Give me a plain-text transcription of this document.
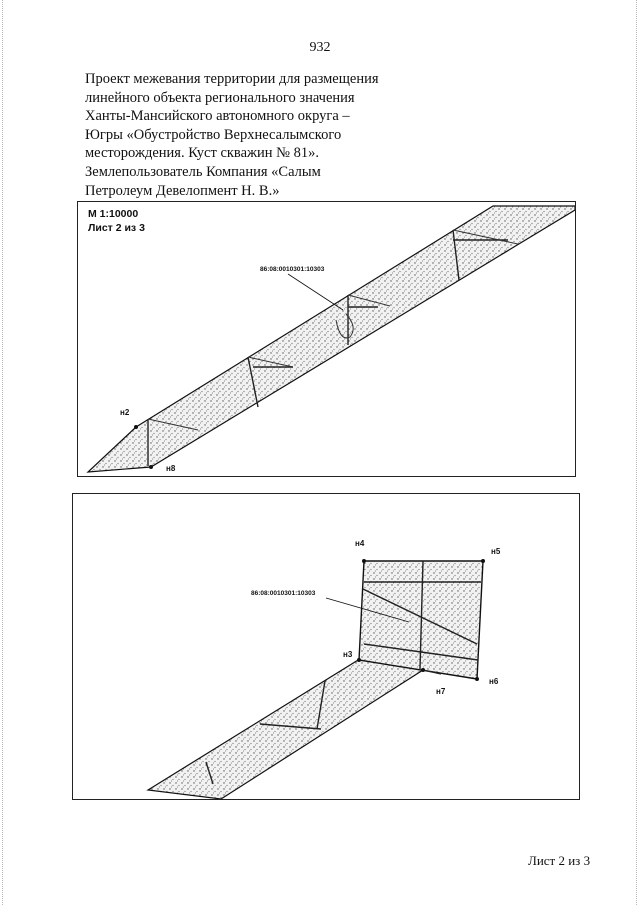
932
Проект межевания территории для размещения
линейного объекта регионального значения
Ханты-Мансийского автономного округа –
Югры «Обустройство Верхнесалымского
месторождения. Куст скважин № 81».
Землепользователь Компания «Салым
Петролеум Девелопмент Н. В.»
М 1:10000
Лист 2 из 3
86:08:0010301:10303
н2
н8
н4
н5
86:08:0010301:10303
н3
н7
н6
Лист 2 из 3
